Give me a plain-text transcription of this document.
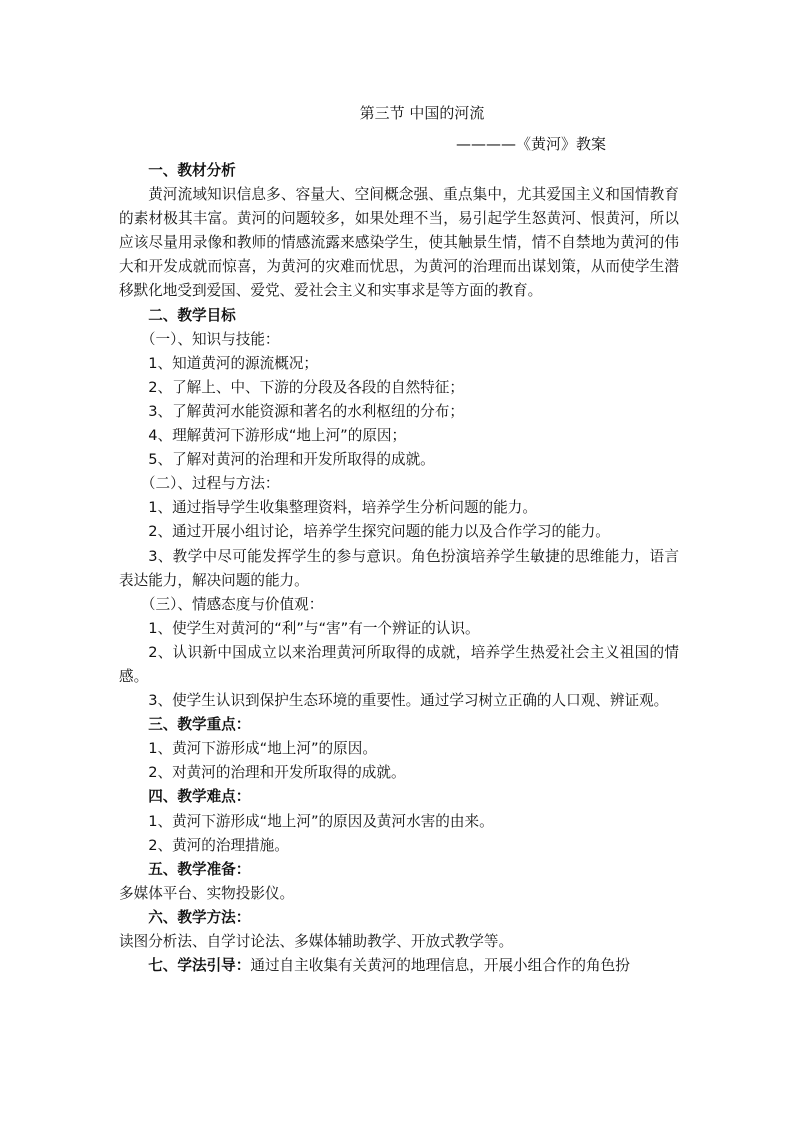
第三节 中国的河流
————《黄河》教案

一、教材分析

黄河流域知识信息多、容量大、空间概念强、重点集中，尤其爱国主义和国情教育的素材极其丰富。黄河的问题较多，如果处理不当，易引起学生怒黄河、恨黄河，所以应该尽量用录像和教师的情感流露来感染学生，使其触景生情，情不自禁地为黄河的伟大和开发成就而惊喜，为黄河的灾难而忧思，为黄河的治理而出谋划策，从而使学生潜移默化地受到爱国、爱党、爱社会主义和实事求是等方面的教育。

二、教学目标

（一）、知识与技能：

1、知道黄河的源流概况；

2、了解上、中、下游的分段及各段的自然特征；

3、了解黄河水能资源和著名的水利枢纽的分布；

4、理解黄河下游形成“地上河”的原因；

5、了解对黄河的治理和开发所取得的成就。

（二）、过程与方法：

1、通过指导学生收集整理资料，培养学生分析问题的能力。

2、通过开展小组讨论，培养学生探究问题的能力以及合作学习的能力。

3、教学中尽可能发挥学生的参与意识。角色扮演培养学生敏捷的思维能力，语言表达能力，解决问题的能力。

（三）、情感态度与价值观：

1、使学生对黄河的“利”与“害”有一个辨证的认识。

2、认识新中国成立以来治理黄河所取得的成就，培养学生热爱社会主义祖国的情感。

3、使学生认识到保护生态环境的重要性。通过学习树立正确的人口观、辨证观。

三、教学重点：

1、黄河下游形成“地上河”的原因。

2、对黄河的治理和开发所取得的成就。

四、教学难点：

1、黄河下游形成“地上河”的原因及黄河水害的由来。

2、黄河的治理措施。

五、教学准备：

多媒体平台、实物投影仪。

六、教学方法：

读图分析法、自学讨论法、多媒体辅助教学、开放式教学等。

七、学法引导：通过自主收集有关黄河的地理信息，开展小组合作的角色扮
